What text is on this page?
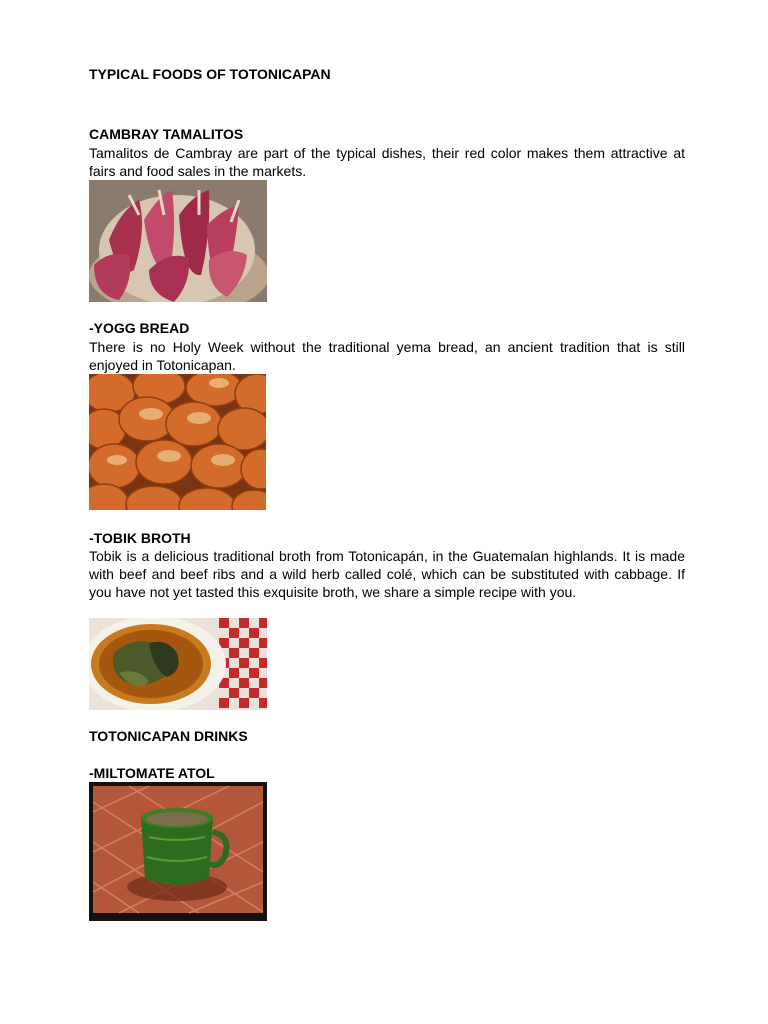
TYPICAL FOODS OF TOTONICAPAN
CAMBRAY TAMALITOS
Tamalitos de Cambray are part of the typical dishes, their red color makes them attractive at fairs and food sales in the markets.
-YOGG BREAD
There is no Holy Week without the traditional yema bread, an ancient tradition that is still enjoyed in Totonicapan.
-TOBIK BROTH
Tobik is a delicious traditional broth from Totonicapán, in the Guatemalan highlands. It is made with beef and beef ribs and a wild herb called colé, which can be substituted with cabbage. If you have not yet tasted this exquisite broth, we share a simple recipe with you.
TOTONICAPAN DRINKS
-MILTOMATE ATOL
